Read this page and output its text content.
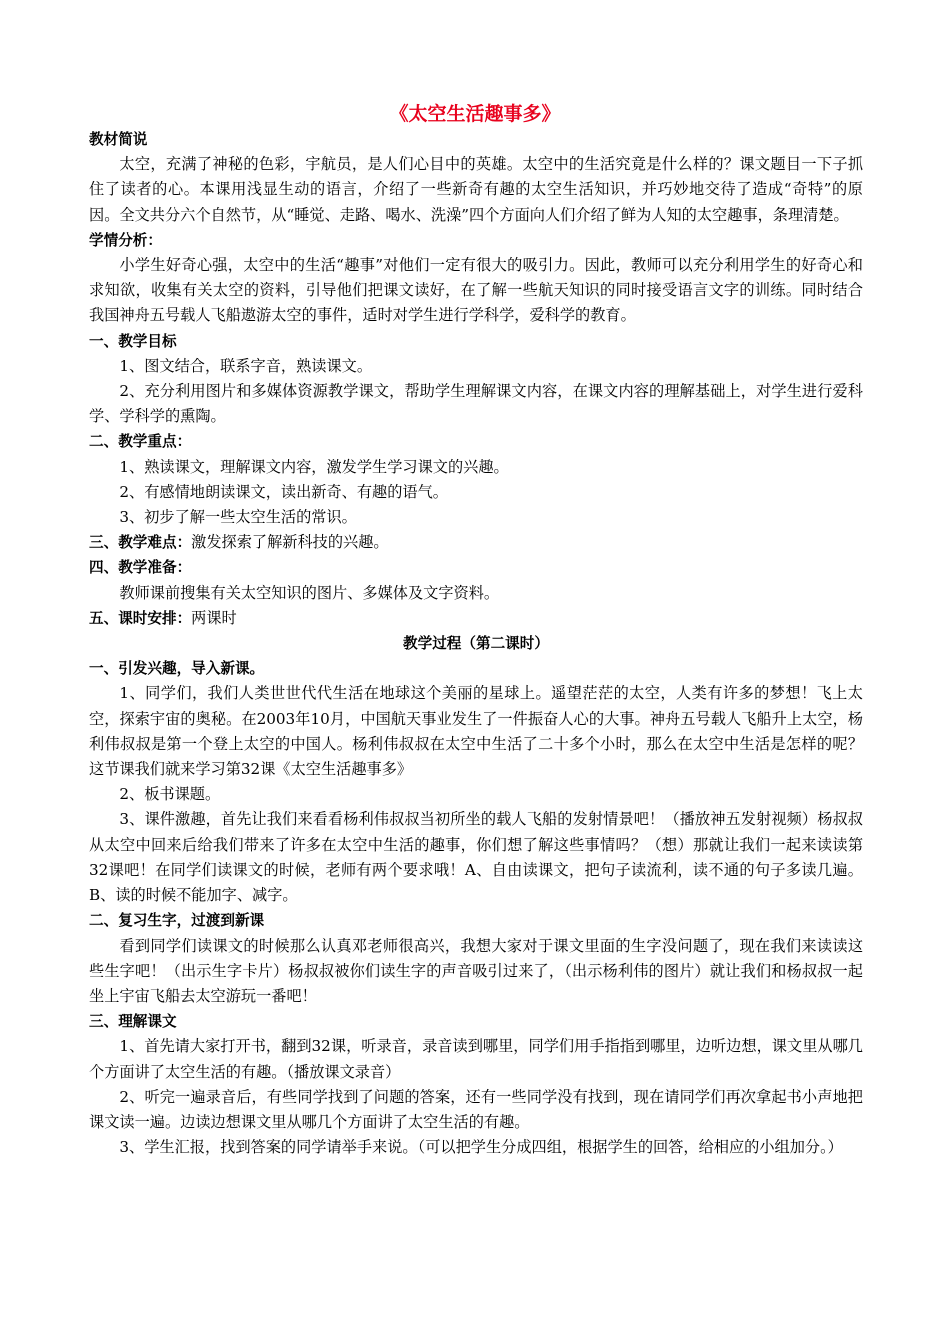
《太空生活趣事多》

教材简说

太空，充满了神秘的色彩，宇航员，是人们心目中的英雄。太空中的生活究竟是什么样的？课文题目一下子抓住了读者的心。本课用浅显生动的语言，介绍了一些新奇有趣的太空生活知识，并巧妙地交待了造成“奇特”的原因。全文共分六个自然节，从“睡觉、走路、喝水、洗澡”四个方面向人们介绍了鲜为人知的太空趣事，条理清楚。

学情分析：

小学生好奇心强，太空中的生活“趣事”对他们一定有很大的吸引力。因此，教师可以充分利用学生的好奇心和求知欲，收集有关太空的资料，引导他们把课文读好，在了解一些航天知识的同时接受语言文字的训练。同时结合我国神舟五号载人飞船遨游太空的事件，适时对学生进行学科学，爱科学的教育。

一、教学目标

1、图文结合，联系字音，熟读课文。

2、充分利用图片和多媒体资源教学课文，帮助学生理解课文内容，在课文内容的理解基础上，对学生进行爱科学、学科学的熏陶。

二、教学重点：

1、熟读课文，理解课文内容，激发学生学习课文的兴趣。

2、有感情地朗读课文，读出新奇、有趣的语气。

3、初步了解一些太空生活的常识。

三、教学难点：激发探索了解新科技的兴趣。

四、教学准备：

教师课前搜集有关太空知识的图片、多媒体及文字资料。

五、课时安排：两课时

教学过程（第二课时）

一、引发兴趣，导入新课。

1、同学们，我们人类世世代代生活在地球这个美丽的星球上。遥望茫茫的太空，人类有许多的梦想！飞上太空，探索宇宙的奥秘。在2003年10月，中国航天事业发生了一件振奋人心的大事。神舟五号载人飞船升上太空，杨利伟叔叔是第一个登上太空的中国人。杨利伟叔叔在太空中生活了二十多个小时，那么在太空中生活是怎样的呢？这节课我们就来学习第32课《太空生活趣事多》

2、板书课题。

3、课件激趣，首先让我们来看看杨利伟叔叔当初所坐的载人飞船的发射情景吧！（播放神五发射视频）杨叔叔从太空中回来后给我们带来了许多在太空中生活的趣事，你们想了解这些事情吗？（想）那就让我们一起来读读第32课吧！在同学们读课文的时候，老师有两个要求哦！A、自由读课文，把句子读流利，读不通的句子多读几遍。B、读的时候不能加字、减字。

二、复习生字，过渡到新课

看到同学们读课文的时候那么认真邓老师很高兴，我想大家对于课文里面的生字没问题了，现在我们来读读这些生字吧！（出示生字卡片）杨叔叔被你们读生字的声音吸引过来了，（出示杨利伟的图片）就让我们和杨叔叔一起坐上宇宙飞船去太空游玩一番吧！

三、理解课文

1、首先请大家打开书，翻到32课，听录音，录音读到哪里，同学们用手指指到哪里，边听边想，课文里从哪几个方面讲了太空生活的有趣。（播放课文录音）

2、听完一遍录音后，有些同学找到了问题的答案，还有一些同学没有找到，现在请同学们再次拿起书小声地把课文读一遍。边读边想课文里从哪几个方面讲了太空生活的有趣。

3、学生汇报，找到答案的同学请举手来说。（可以把学生分成四组，根据学生的回答，给相应的小组加分。）
